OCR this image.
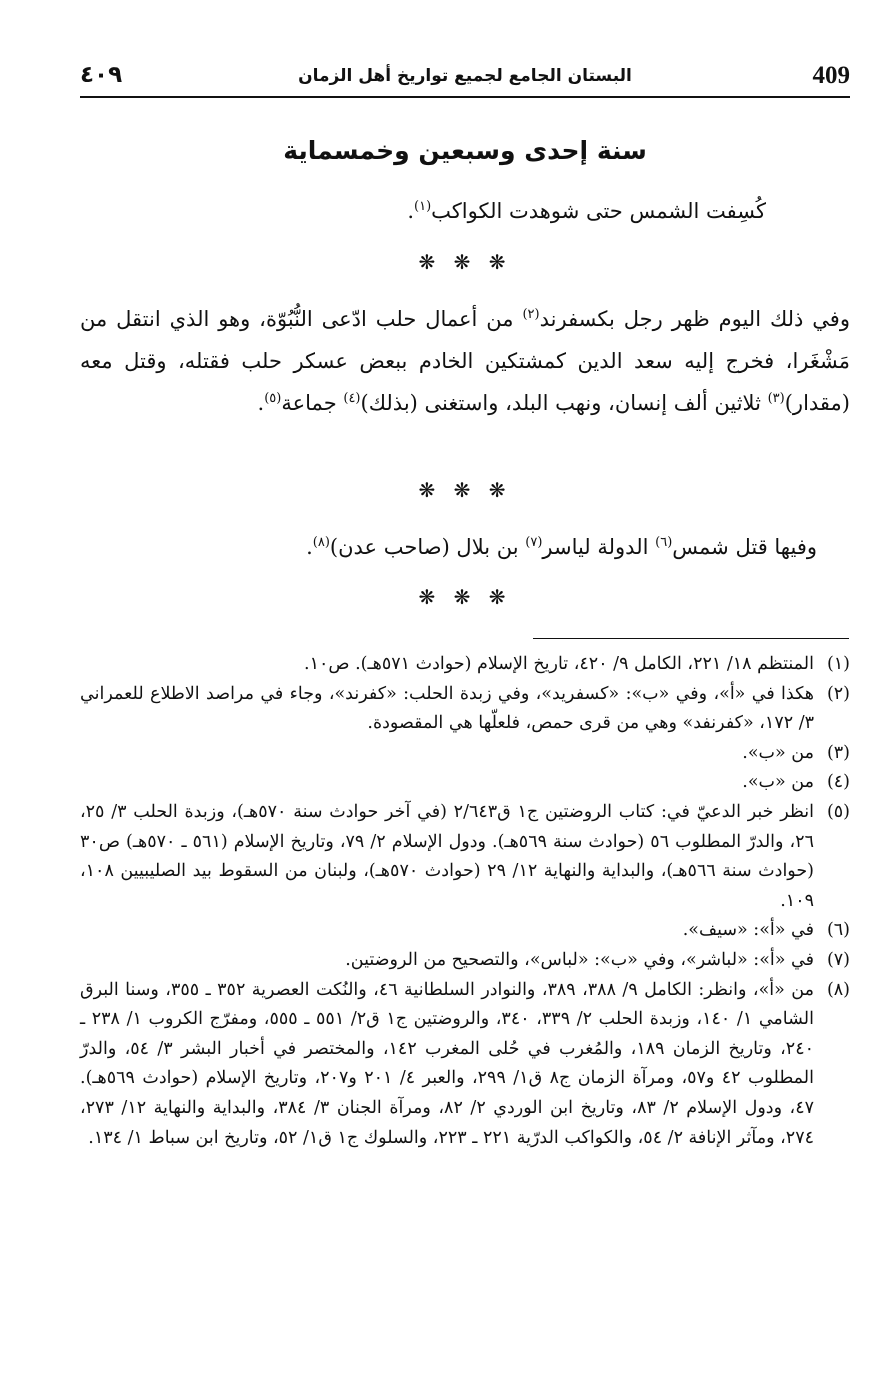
409
البستان الجامع لجميع تواريخ أهل الزمان
٤٠٩
سنة إحدى وسبعين وخمسماية
كُسِفت الشمس حتى شوهدت الكواكب$^{(١)}$.
❋ ❋ ❋
وفي ذلك اليوم ظهر رجل بكسفرند$^{(٢)}$ من أعمال حلب ادّعى النُّبُوّة، وهو الذي انتقل من مَشْغَرا، فخرج إليه سعد الدين كمشتكين الخادم ببعض عسكر حلب فقتله، وقتل معه (مقدار)$^{(٣)}$ ثلاثين ألف إنسان، ونهب البلد، واستغنى (بذلك)$^{(٤)}$ جماعة$^{(٥)}$.
❋ ❋ ❋
وفيها قتل شمس$^{(٦)}$ الدولة لياسر$^{(٧)}$ بن بلال (صاحب عدن)$^{(٨)}$.
❋ ❋ ❋
(١)
المنتظم ١٨/ ٢٢١، الكامل ٩/ ٤٢٠، تاريخ الإسلام (حوادث ٥٧١هـ). ص١٠.
(٢)
هكذا في «أ»، وفي «ب»: «كسفريد»، وفي زبدة الحلب: «كفرند»، وجاء في مراصد الاطلاع للعمراني ٣/ ١٧٢، «كفرنفد» وهي من قرى حمص، فلعلّها هي المقصودة.
(٣)
من «ب».
(٤)
من «ب».
(٥)
انظر خبر الدعيّ في: كتاب الروضتين ج١ ق٢/٦٤٣ (في آخر حوادث سنة ٥٧٠هـ)، وزبدة الحلب ٣/ ٢٥، ٢٦، والدرّ المطلوب ٥٦ (حوادث سنة ٥٦٩هـ). ودول الإسلام ٢/ ٧٩، وتاريخ الإسلام (٥٦١ ـ ٥٧٠هـ) ص٣٠ (حوادث سنة ٥٦٦هـ)، والبداية والنهاية ١٢/ ٢٩ (حوادث ٥٧٠هـ)، ولبنان من السقوط بيد الصليبيين ١٠٨، ١٠٩.
(٦)
في «أ»: «سيف».
(٧)
في «أ»: «لباشر»، وفي «ب»: «لباس»، والتصحيح من الروضتين.
(٨)
من «أ»، وانظر: الكامل ٩/ ٣٨٨، ٣٨٩، والنوادر السلطانية ٤٦، والنُكت العصرية ٣٥٢ ـ ٣٥٥، وسنا البرق الشامي ١/ ١٤٠، وزبدة الحلب ٢/ ٣٣٩، ٣٤٠، والروضتين ج١ ق٢/ ٥٥١ ـ ٥٥٥، ومفرّج الكروب ١/ ٢٣٨ ـ ٢٤٠، وتاريخ الزمان ١٨٩، والمُغرب في حُلى المغرب ١٤٢، والمختصر في أخبار البشر ٣/ ٥٤، والدرّ المطلوب ٤٢ و٥٧، ومرآة الزمان ج٨ ق١/ ٢٩٩، والعبر ٤/ ٢٠١ و٢٠٧، وتاريخ الإسلام (حوادث ٥٦٩هـ). ٤٧، ودول الإسلام ٢/ ٨٣، وتاريخ ابن الوردي ٢/ ٨٢، ومرآة الجنان ٣/ ٣٨٤، والبداية والنهاية ١٢/ ٢٧٣، ٢٧٤، ومآثر الإنافة ٢/ ٥٤، والكواكب الدرّية ٢٢١ ـ ٢٢٣، والسلوك ج١ ق١/ ٥٢، وتاريخ ابن سباط ١/ ١٣٤.
